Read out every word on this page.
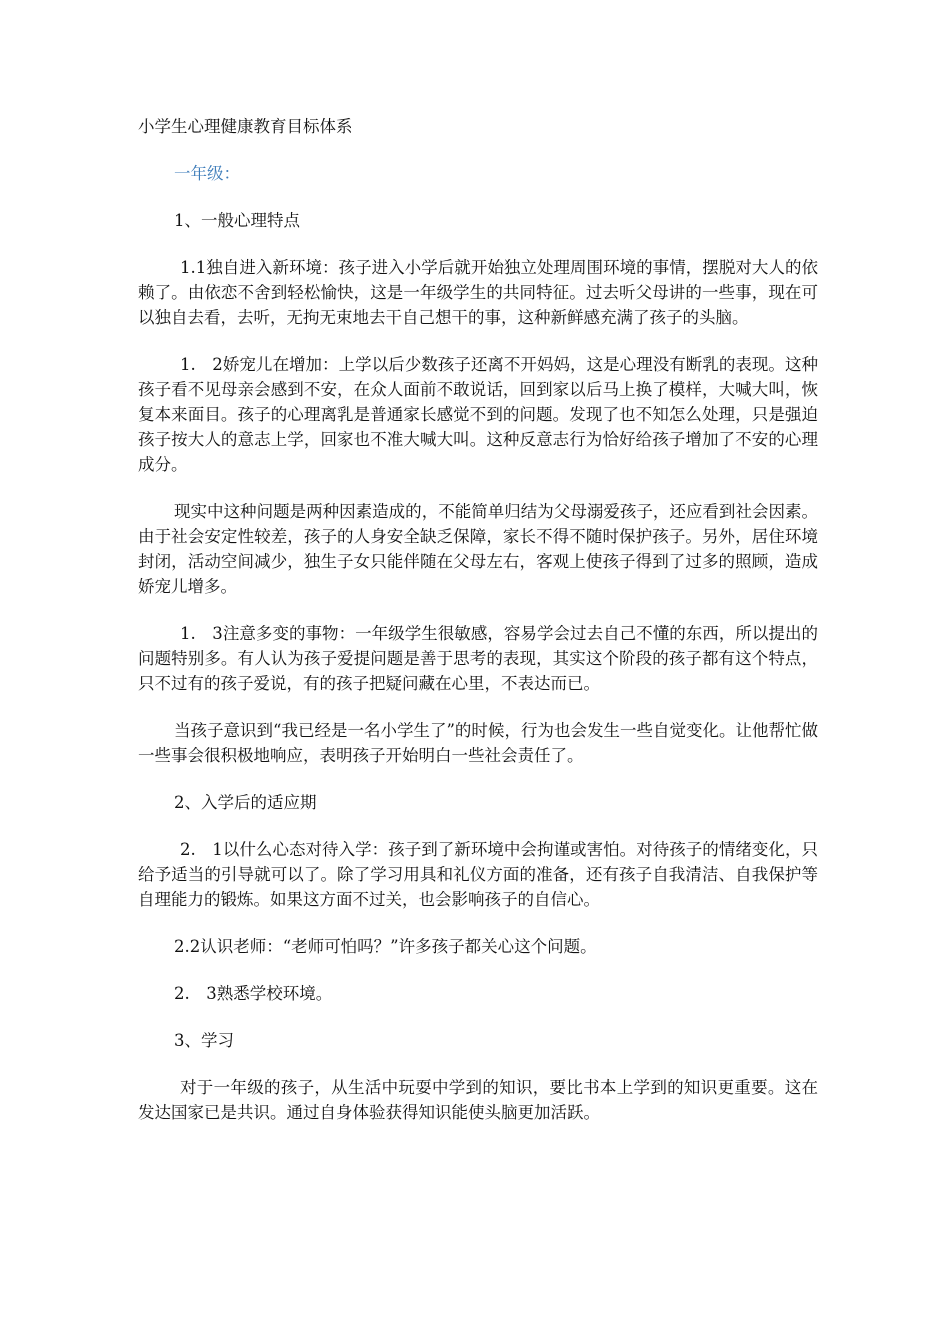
小学生心理健康教育目标体系

一年级：

1、一般心理特点

1.1独自进入新环境：孩子进入小学后就开始独立处理周围环境的事情，摆脱对大人的依赖了。由依恋不舍到轻松愉快，这是一年级学生的共同特征。过去听父母讲的一些事，现在可以独自去看，去听，无拘无束地去干自己想干的事，这种新鲜感充满了孩子的头脑。

1.　2娇宠儿在增加：上学以后少数孩子还离不开妈妈，这是心理没有断乳的表现。这种孩子看不见母亲会感到不安，在众人面前不敢说话，回到家以后马上换了模样，大喊大叫，恢复本来面目。孩子的心理离乳是普通家长感觉不到的问题。发现了也不知怎么处理，只是强迫孩子按大人的意志上学，回家也不准大喊大叫。这种反意志行为恰好给孩子增加了不安的心理成分。

现实中这种问题是两种因素造成的，不能简单归结为父母溺爱孩子，还应看到社会因素。由于社会安定性较差，孩子的人身安全缺乏保障，家长不得不随时保护孩子。另外，居住环境封闭，活动空间减少，独生子女只能伴随在父母左右，客观上使孩子得到了过多的照顾，造成娇宠儿增多。

1.　3注意多变的事物：一年级学生很敏感，容易学会过去自己不懂的东西，所以提出的问题特别多。有人认为孩子爱提问题是善于思考的表现，其实这个阶段的孩子都有这个特点，只不过有的孩子爱说，有的孩子把疑问藏在心里，不表达而已。

当孩子意识到“我已经是一名小学生了”的时候，行为也会发生一些自觉变化。让他帮忙做一些事会很积极地响应，表明孩子开始明白一些社会责任了。

2、入学后的适应期

2.　1以什么心态对待入学：孩子到了新环境中会拘谨或害怕。对待孩子的情绪变化，只给予适当的引导就可以了。除了学习用具和礼仪方面的准备，还有孩子自我清洁、自我保护等自理能力的锻炼。如果这方面不过关，也会影响孩子的自信心。

2.2认识老师：“老师可怕吗？”许多孩子都关心这个问题。

2.　3熟悉学校环境。

3、学习

对于一年级的孩子，从生活中玩耍中学到的知识，要比书本上学到的知识更重要。这在发达国家已是共识。通过自身体验获得知识能使头脑更加活跃。
